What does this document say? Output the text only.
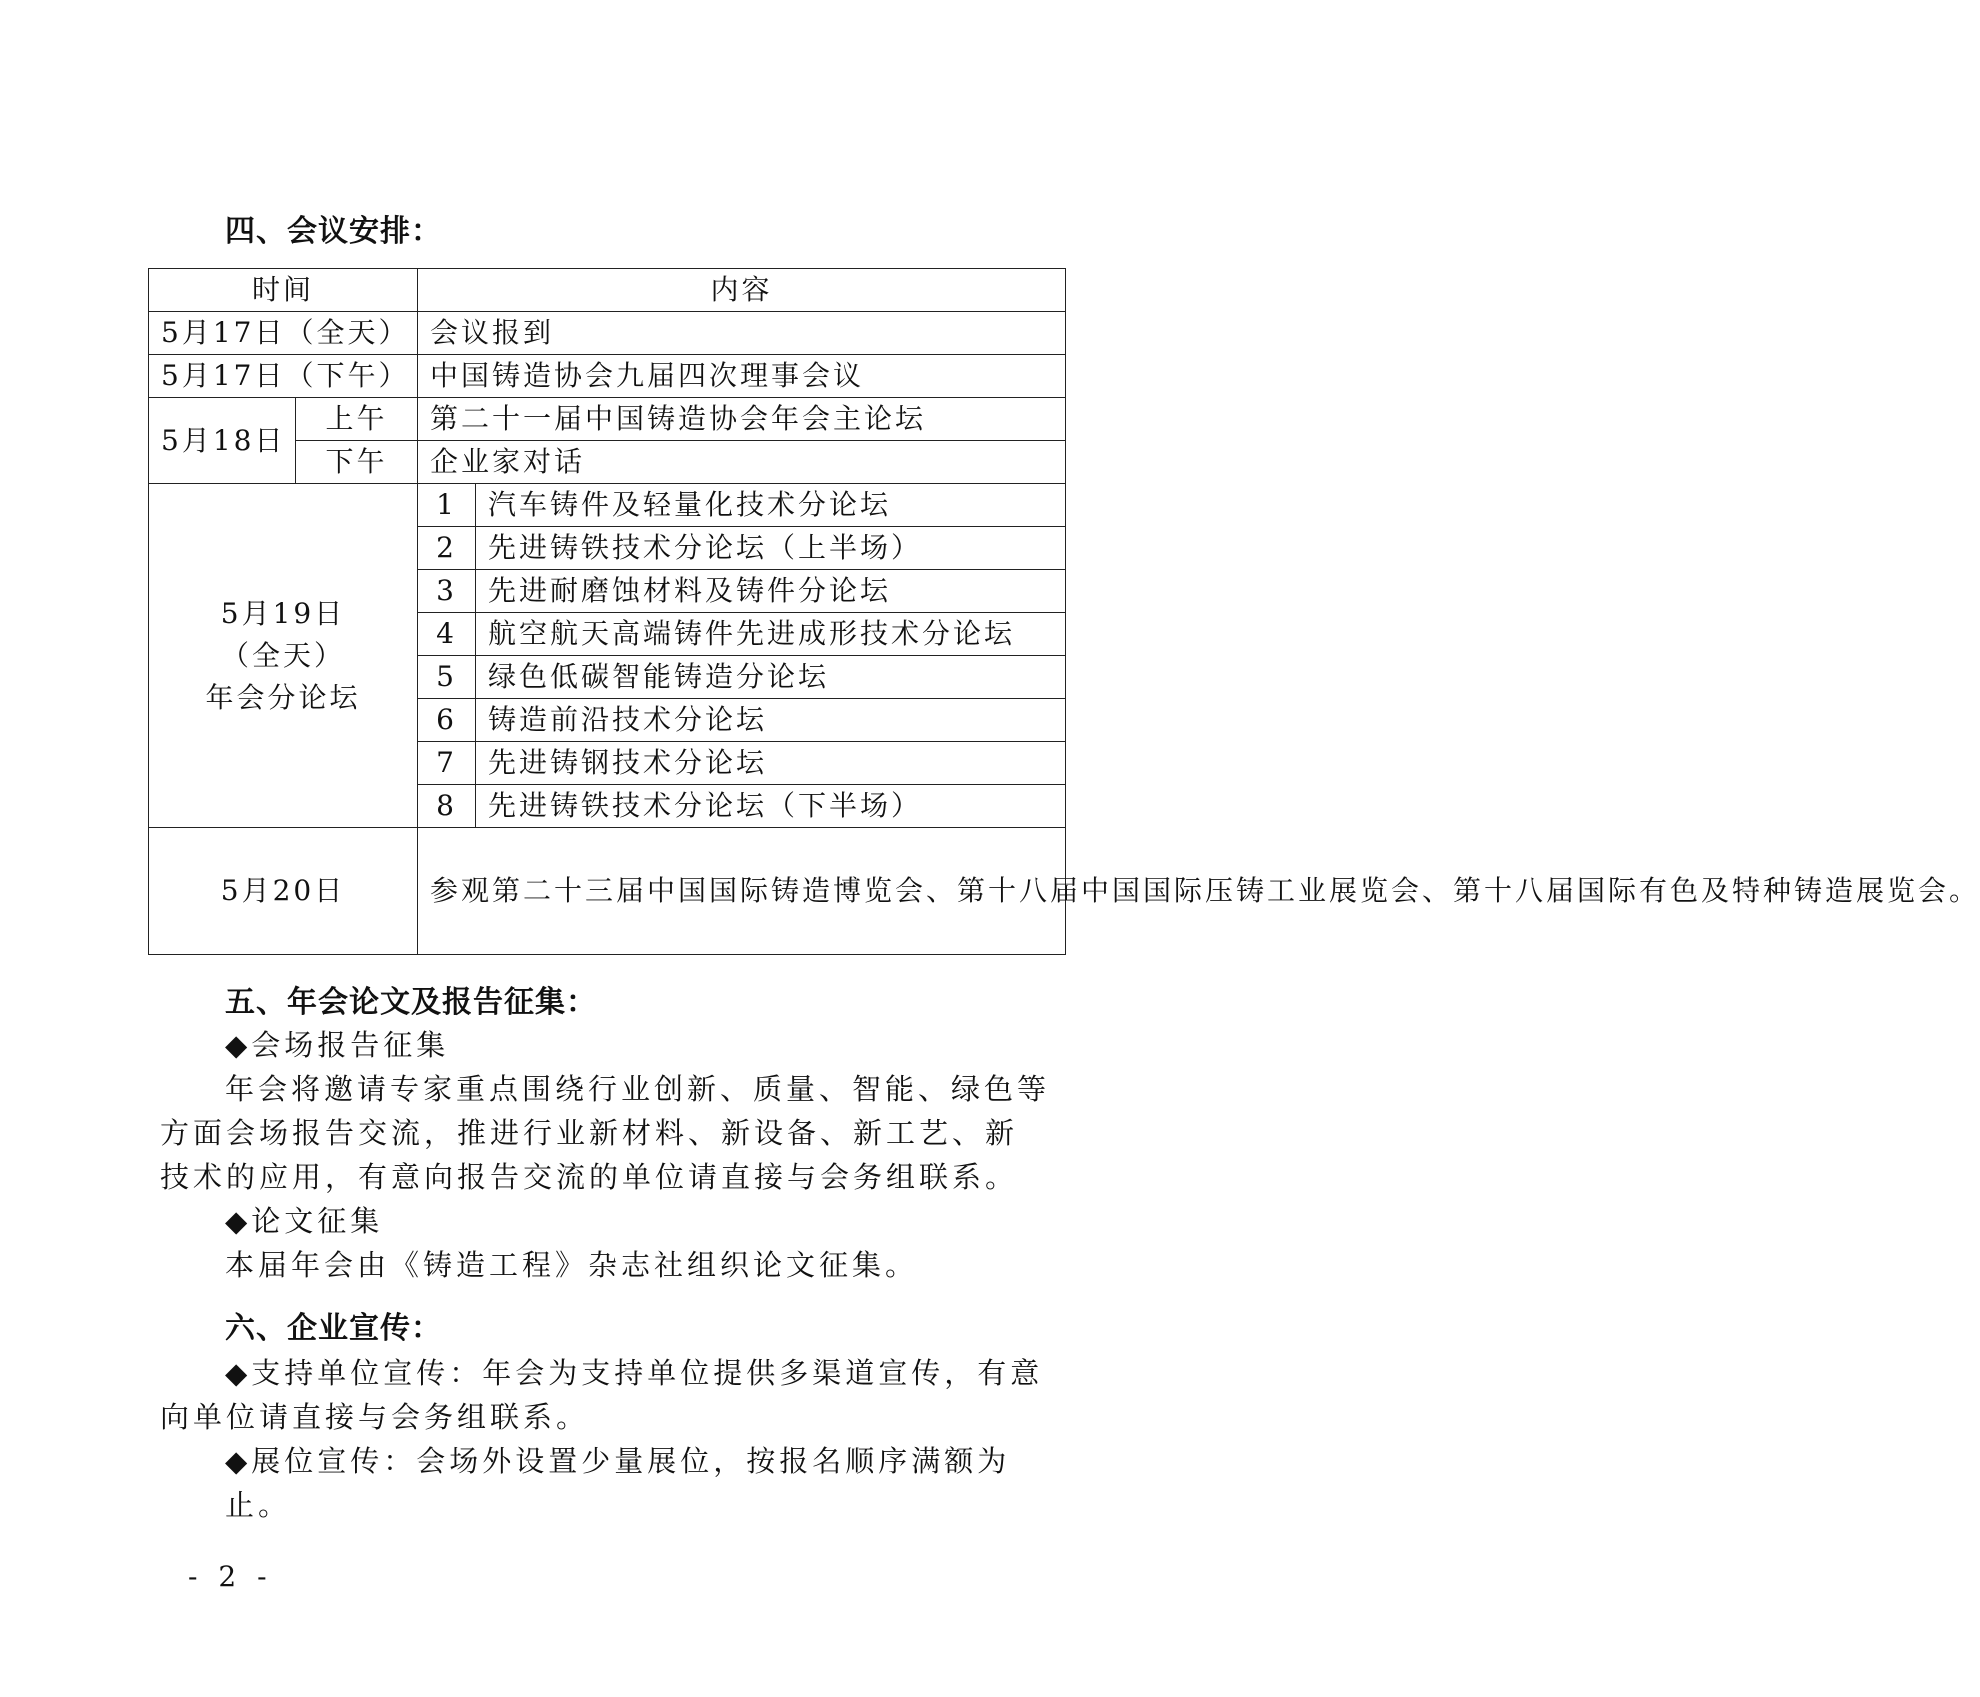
四、会议安排：
时间		内容	
5月17日（全天）		会议报到	
5月17日（下午）		中国铸造协会九届四次理事会议	
5月18日	上午	第二十一届中国铸造协会年会主论坛	
	下午	企业家对话	

5月19日
（全天）
年会分论坛		1	汽车铸件及轻量化技术分论坛
		2	先进铸铁技术分论坛（上半场）
		3	先进耐磨蚀材料及铸件分论坛
		4	航空航天高端铸件先进成形技术分论坛
		5	绿色低碳智能铸造分论坛
		6	铸造前沿技术分论坛
		7	先进铸钢技术分论坛
		8	先进铸铁技术分论坛（下半场）
5月20日		参观第二十三届中国国际铸造博览会、第十八届中国国际压铸工业展览会、第十八届国际有色及特种铸造展览会。	
五、年会论文及报告征集：
◆会场报告征集
年会将邀请专家重点围绕行业创新、质量、智能、绿色等方面会场报告交流，推进行业新材料、新设备、新工艺、新技术的应用，有意向报告交流的单位请直接与会务组联系。
◆论文征集
本届年会由《铸造工程》杂志社组织论文征集。
六、企业宣传：
◆支持单位宣传：年会为支持单位提供多渠道宣传，有意向单位请直接与会务组联系。
◆展位宣传：会场外设置少量展位，按报名顺序满额为止。
- 2 -
